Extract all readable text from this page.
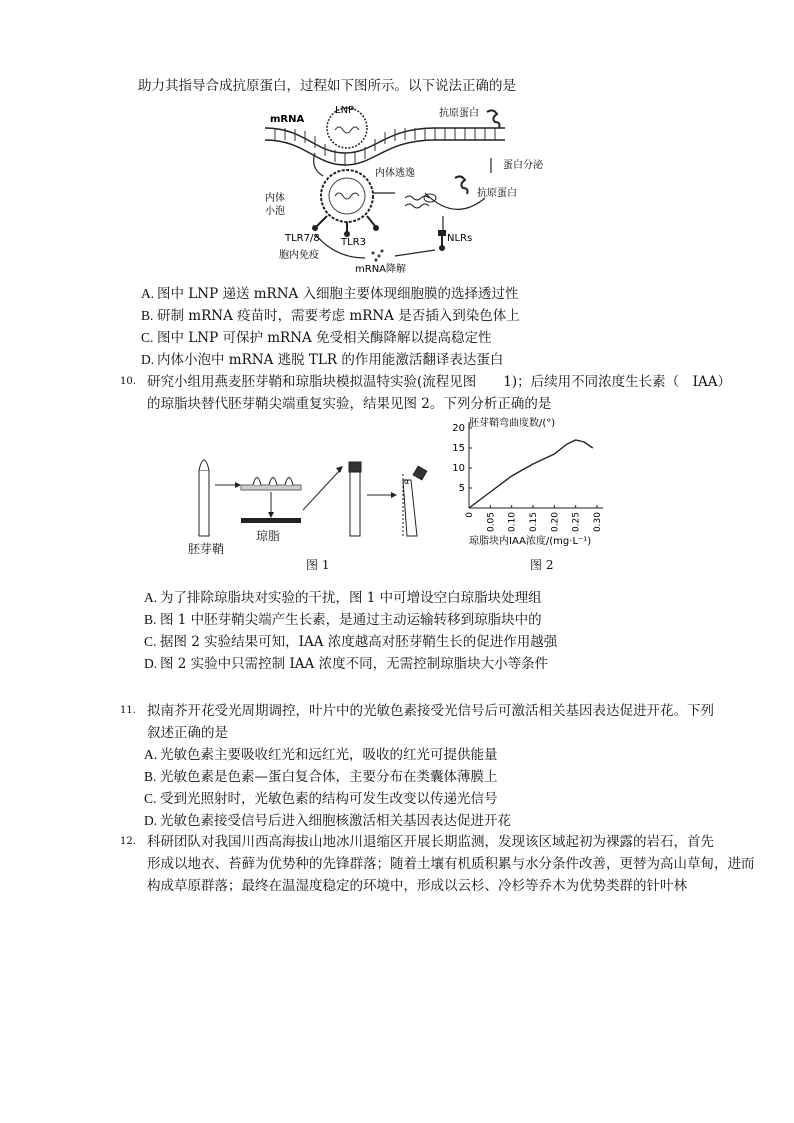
助力其指导合成抗原蛋白，过程如下图所示。以下说法正确的是
mRNA
LNP	抗原蛋白
蛋白分泌
抗原蛋白
内体逃逸
内体
小泡
TLR7/8 TLR3	NLRs
胞内免疫
mRNA降解
A. 图中 LNP 递送 mRNA 入细胞主要体现细胞膜的选择透过性
B. 研制 mRNA 疫苗时，需要考虑 mRNA 是否插入到染色体上
C. 图中 LNP 可保护 mRNA 免受相关酶降解以提高稳定性
D. 内体小泡中 mRNA 逃脱 TLR 的作用能激活翻译表达蛋白
10. 研究小组用燕麦胚芽鞘和琼脂块模拟温特实验(流程见图　　1)；后续用不同浓度生长素（　IAA）
的琼脂块替代胚芽鞘尖端重复实验，结果见图 2。下列分析正确的是
α
胚芽鞘
琼脂
图 1
胚芽鞘弯曲度数/(°)
5
10
15
20
0 0.05 0.10 0.15 0.20 0.25 0.30
琼脂块内IAA浓度/(mg·L⁻¹)
图 2
A. 为了排除琼脂块对实验的干扰，图 1 中可增设空白琼脂块处理组
B. 图 1 中胚芽鞘尖端产生长素，是通过主动运输转移到琼脂块中的
C. 据图 2 实验结果可知，IAA 浓度越高对胚芽鞘生长的促进作用越强
D. 图 2 实验中只需控制 IAA 浓度不同，无需控制琼脂块大小等条件
11. 拟南芥开花受光周期调控，叶片中的光敏色素接受光信号后可激活相关基因表达促进开花。下列
叙述正确的是
A. 光敏色素主要吸收红光和远红光，吸收的红光可提供能量
B. 光敏色素是色素—蛋白复合体，主要分布在类囊体薄膜上
C. 受到光照射时，光敏色素的结构可发生改变以传递光信号
D. 光敏色素接受信号后进入细胞核激活相关基因表达促进开花
12. 科研团队对我国川西高海拔山地冰川退缩区开展长期监测，发现该区域起初为裸露的岩石，首先
形成以地衣、苔藓为优势种的先锋群落；随着土壤有机质积累与水分条件改善，更替为高山草甸，进而
构成草原群落；最终在温湿度稳定的环境中，形成以云杉、冷杉等乔木为优势类群的针叶林
